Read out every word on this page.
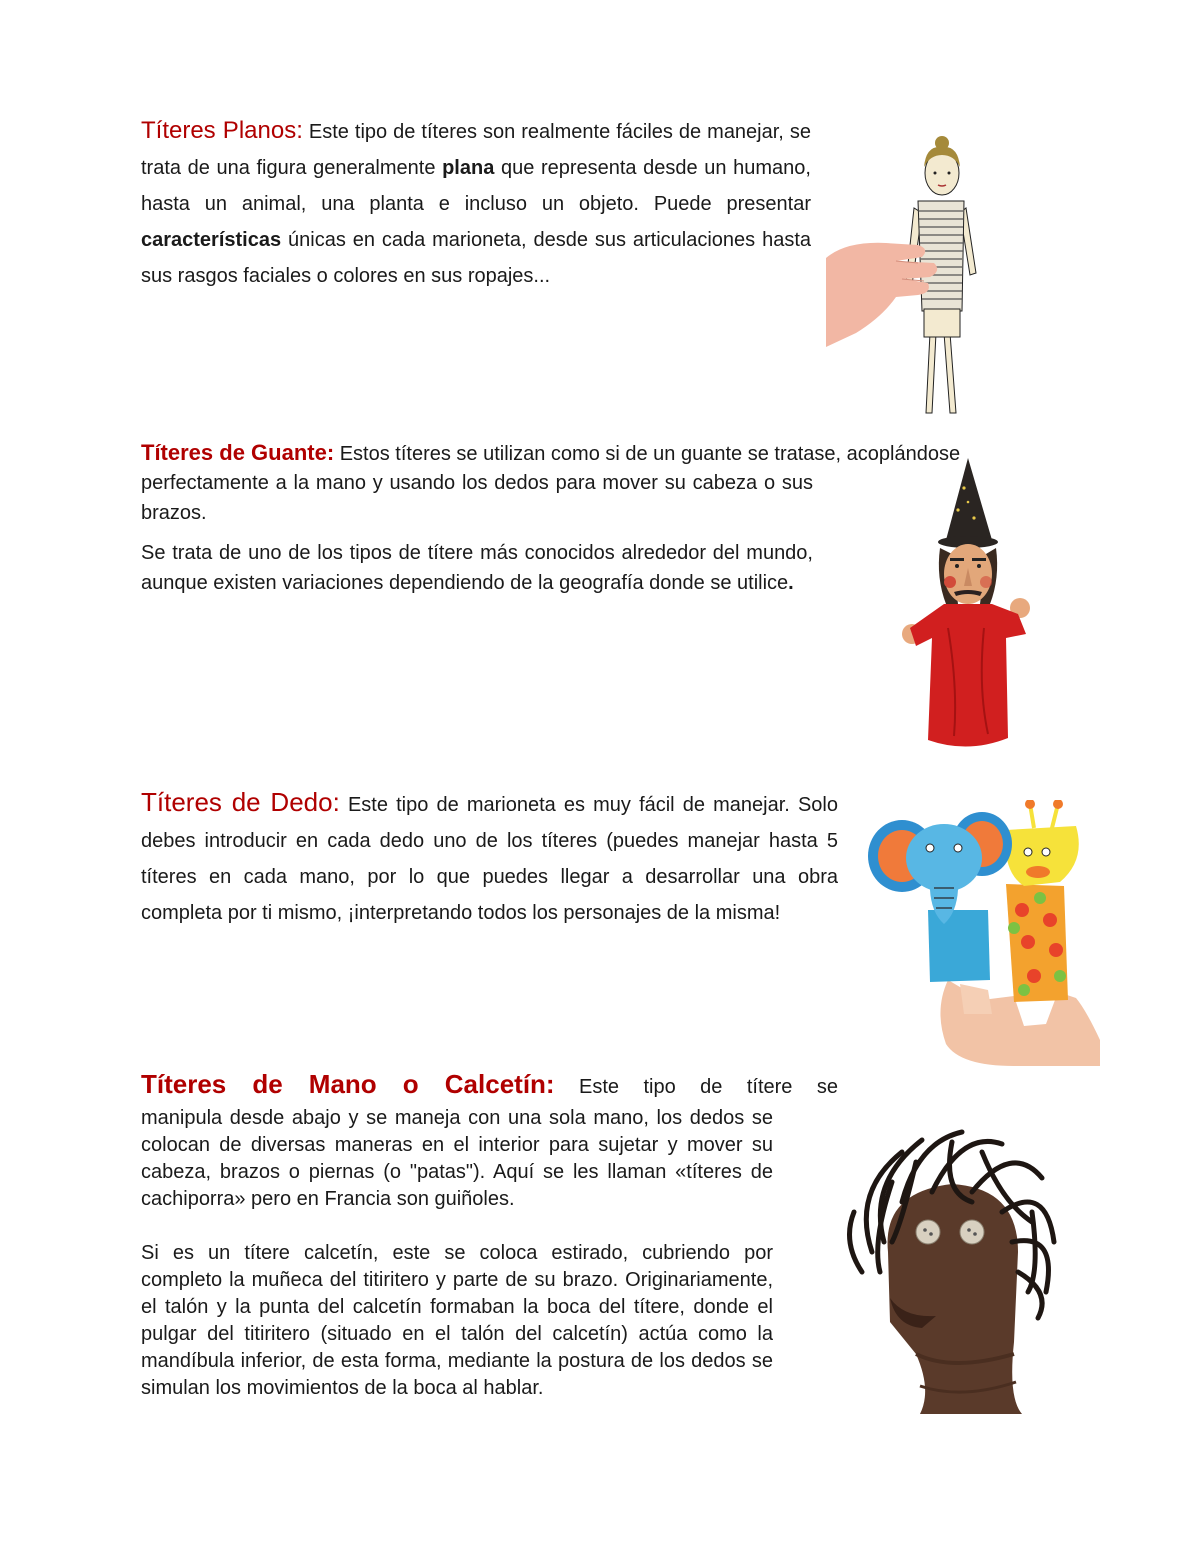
Títeres Planos: Este tipo de títeres son realmente fáciles de manejar, se trata de una figura generalmente plana que representa desde un humano, hasta un animal, una planta e incluso un objeto. Puede presentar características únicas en cada marioneta, desde sus articulaciones hasta sus rasgos faciales o colores en sus ropajes...

Títeres de Guante: Estos títeres se utilizan como si de un guante se tratase, acoplándose

perfectamente a la mano y usando los dedos para mover su cabeza o sus brazos.

Se trata de uno de los tipos de títere más conocidos alrededor del mundo, aunque existen variaciones dependiendo de la geografía donde se utilice.

Títeres de Dedo: Este tipo de marioneta es muy fácil de manejar. Solo debes introducir en cada dedo uno de los títeres (puedes manejar hasta 5 títeres en cada mano, por lo que puedes llegar a desarrollar una obra completa por ti mismo, ¡interpretando todos los personajes de la misma!

Títeres de Mano o Calcetín: Este tipo de títere se

manipula desde abajo y se maneja con una sola mano, los dedos se colocan de diversas maneras en el interior para sujetar y mover su cabeza, brazos o piernas (o "patas"). Aquí se les llaman «títeres de cachiporra» pero en Francia son guiñoles.

Si es un títere calcetín, este se coloca estirado, cubriendo por completo la muñeca del titiritero y parte de su brazo. Originariamente, el talón y la punta del calcetín formaban la boca del títere, donde el pulgar del titiritero (situado en el talón del calcetín) actúa como la mandíbula inferior, de esta forma, mediante la postura de los dedos se simulan los movimientos de la boca al hablar.
